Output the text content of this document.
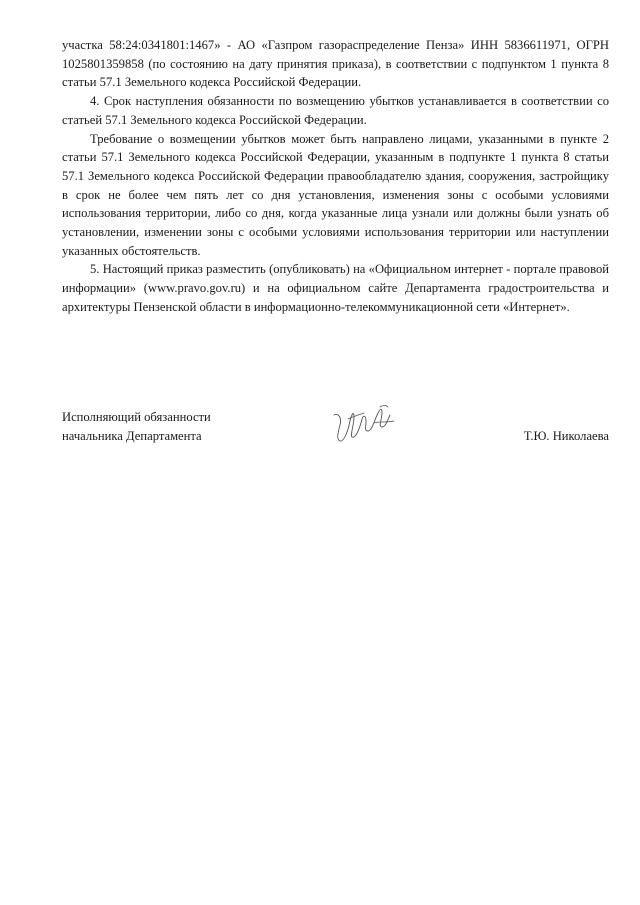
участка 58:24:0341801:1467» - АО «Газпром газораспределение Пенза» ИНН 5836611971, ОГРН 1025801359858 (по состоянию на дату принятия приказа), в соответствии с подпунктом 1 пункта 8 статьи 57.1 Земельного кодекса Российской Федерации.

4. Срок наступления обязанности по возмещению убытков устанавливается в соответствии со статьей 57.1 Земельного кодекса Российской Федерации.

Требование о возмещении убытков может быть направлено лицами, указанными в пункте 2 статьи 57.1 Земельного кодекса Российской Федерации, указанным в подпункте 1 пункта 8 статьи 57.1 Земельного кодекса Российской Федерации правообладателю здания, сооружения, застройщику в срок не более чем пять лет со дня установления, изменения зоны с особыми условиями использования территории, либо со дня, когда указанные лица узнали или должны были узнать об установлении, изменении зоны с особыми условиями использования территории или наступлении указанных обстоятельств.

5. Настоящий приказ разместить (опубликовать) на «Официальном интернет - портале правовой информации» (www.pravo.gov.ru) и на официальном сайте Департамента градостроительства и архитектуры Пензенской области в информационно-телекоммуникационной сети «Интернет».

Исполняющий обязанности
начальника Департамента	Т.Ю. Николаева
